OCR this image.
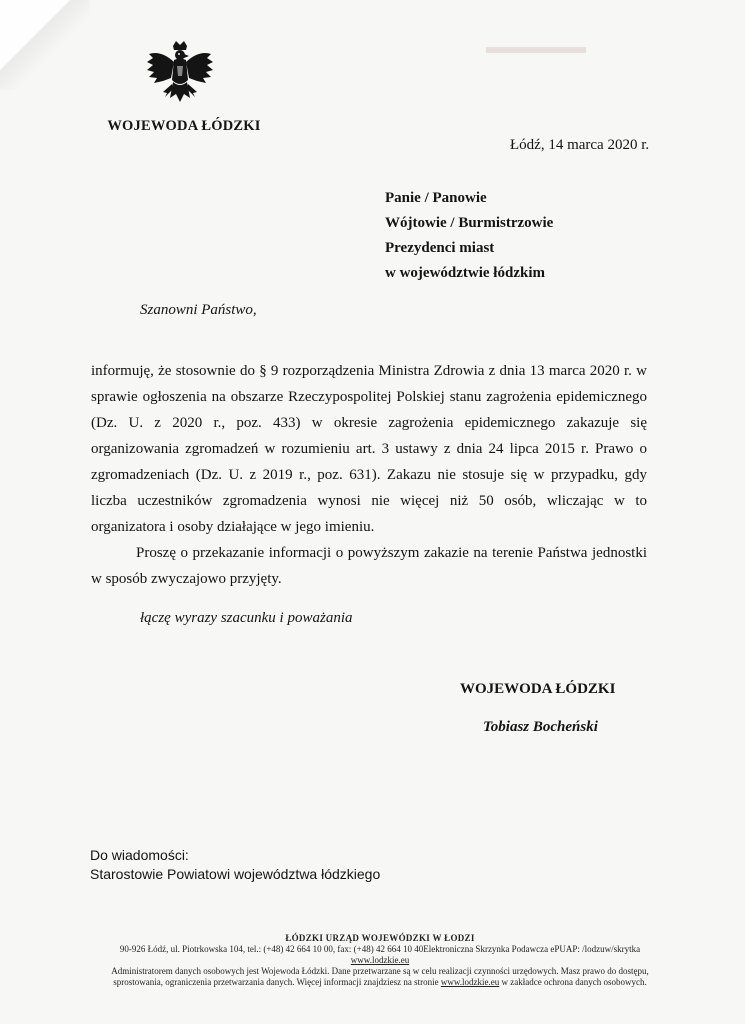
▬▬▬▬▬
WOJEWODA ŁÓDZKI
Łódź, 14 marca 2020 r.
Panie / Panowie
Wójtowie / Burmistrzowie
Prezydenci miast
w województwie łódzkim
Szanowni Państwo,

informuję, że stosownie do § 9 rozporządzenia Ministra Zdrowia z dnia 13 marca 2020 r. w sprawie ogłoszenia na obszarze Rzeczypospolitej Polskiej stanu zagrożenia epidemicznego (Dz. U. z 2020 r., poz. 433) w okresie zagrożenia epidemicznego zakazuje się organizowania zgromadzeń w rozumieniu art. 3 ustawy z dnia 24 lipca 2015 r. Prawo o zgromadzeniach (Dz. U. z 2019 r., poz. 631). Zakazu nie stosuje się w przypadku, gdy liczba uczestników zgromadzenia wynosi nie więcej niż 50 osób, wliczając w to organizatora i osoby działające w jego imieniu.

Proszę o przekazanie informacji o powyższym zakazie na terenie Państwa jednostki w sposób zwyczajowo przyjęty.

łączę wyrazy szacunku i poważania
WOJEWODA ŁÓDZKI
Tobiasz Bocheński
Do wiadomości:
Starostowie Powiatowi województwa łódzkiego
ŁÓDZKI URZĄD WOJEWÓDZKI W ŁODZI
90-926 Łódź, ul. Piotrkowska 104, tel.: (+48) 42 664 10 00, fax: (+48) 42 664 10 40Elektroniczna Skrzynka Podawcza ePUAP: /lodzuw/skrytka
www.lodzkie.eu
Administratorem danych osobowych jest Wojewoda Łódzki. Dane przetwarzane są w celu realizacji czynności urzędowych. Masz prawo do dostępu,
sprostowania, ograniczenia przetwarzania danych. Więcej informacji znajdziesz na stronie www.lodzkie.eu w zakładce ochrona danych osobowych.
